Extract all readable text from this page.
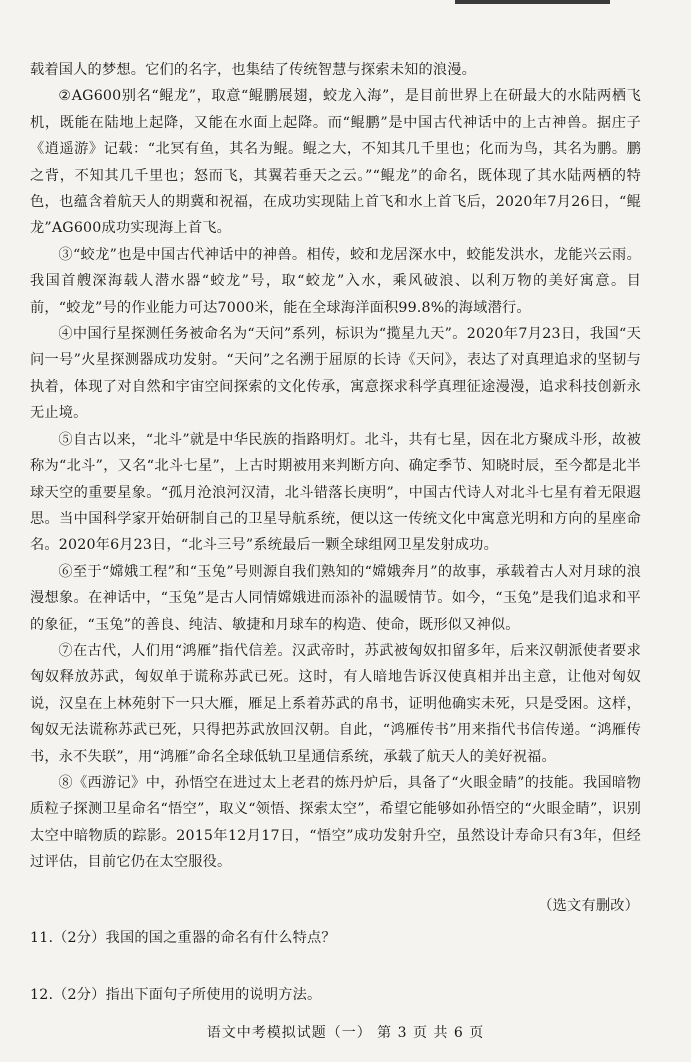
载着国人的梦想。它们的名字，也集结了传统智慧与探索未知的浪漫。

②AG600别名“鲲龙”，取意“鲲鹏展翅，蛟龙入海”，是目前世界上在研最大的水陆两栖飞机，既能在陆地上起降，又能在水面上起降。而“鲲鹏”是中国古代神话中的上古神兽。据庄子《逍遥游》记载：“北冥有鱼，其名为鲲。鲲之大，不知其几千里也；化而为鸟，其名为鹏。鹏之背，不知其几千里也；怒而飞，其翼若垂天之云。”“鲲龙”的命名，既体现了其水陆两栖的特色，也蕴含着航天人的期冀和祝福，在成功实现陆上首飞和水上首飞后，2020年7月26日，“鲲龙”AG600成功实现海上首飞。

③“蛟龙”也是中国古代神话中的神兽。相传，蛟和龙居深水中，蛟能发洪水，龙能兴云雨。我国首艘深海载人潜水器“蛟龙”号，取“蛟龙”入水，乘风破浪、以利万物的美好寓意。目前，“蛟龙”号的作业能力可达7000米，能在全球海洋面积99.8%的海域潜行。

④中国行星探测任务被命名为“天问”系列，标识为“揽星九天”。2020年7月23日，我国“天问一号”火星探测器成功发射。“天问”之名溯于屈原的长诗《天问》，表达了对真理追求的坚韧与执着，体现了对自然和宇宙空间探索的文化传承，寓意探求科学真理征途漫漫，追求科技创新永无止境。

⑤自古以来，“北斗”就是中华民族的指路明灯。北斗，共有七星，因在北方聚成斗形，故被称为“北斗”，又名“北斗七星”，上古时期被用来判断方向、确定季节、知晓时辰，至今都是北半球天空的重要星象。“孤月沧浪河汉清，北斗错落长庚明”，中国古代诗人对北斗七星有着无限遐思。当中国科学家开始研制自己的卫星导航系统，便以这一传统文化中寓意光明和方向的星座命名。2020年6月23日，“北斗三号”系统最后一颗全球组网卫星发射成功。

⑥至于“嫦娥工程”和“玉兔”号则源自我们熟知的“嫦娥奔月”的故事，承载着古人对月球的浪漫想象。在神话中，“玉兔”是古人同情嫦娥进而添补的温暖情节。如今，“玉兔”是我们追求和平的象征，“玉兔”的善良、纯洁、敏捷和月球车的构造、使命，既形似又神似。

⑦在古代，人们用“鸿雁”指代信差。汉武帝时，苏武被匈奴扣留多年，后来汉朝派使者要求匈奴释放苏武，匈奴单于谎称苏武已死。这时，有人暗地告诉汉使真相并出主意，让他对匈奴说，汉皇在上林苑射下一只大雁，雁足上系着苏武的帛书，证明他确实未死，只是受困。这样，匈奴无法谎称苏武已死，只得把苏武放回汉朝。自此，“鸿雁传书”用来指代书信传递。“鸿雁传书，永不失联”，用“鸿雁”命名全球低轨卫星通信系统，承载了航天人的美好祝福。

⑧《西游记》中，孙悟空在进过太上老君的炼丹炉后，具备了“火眼金睛”的技能。我国暗物质粒子探测卫星命名“悟空”，取义“领悟、探索太空”，希望它能够如孙悟空的“火眼金睛”，识别太空中暗物质的踪影。2015年12月17日，“悟空”成功发射升空，虽然设计寿命只有3年，但经过评估，目前它仍在太空服役。

（选文有删改）

11.（2分）我国的国之重器的命名有什么特点？

12.（2分）指出下面句子所使用的说明方法。

语文中考模拟试题（一） 第 3 页 共 6 页
